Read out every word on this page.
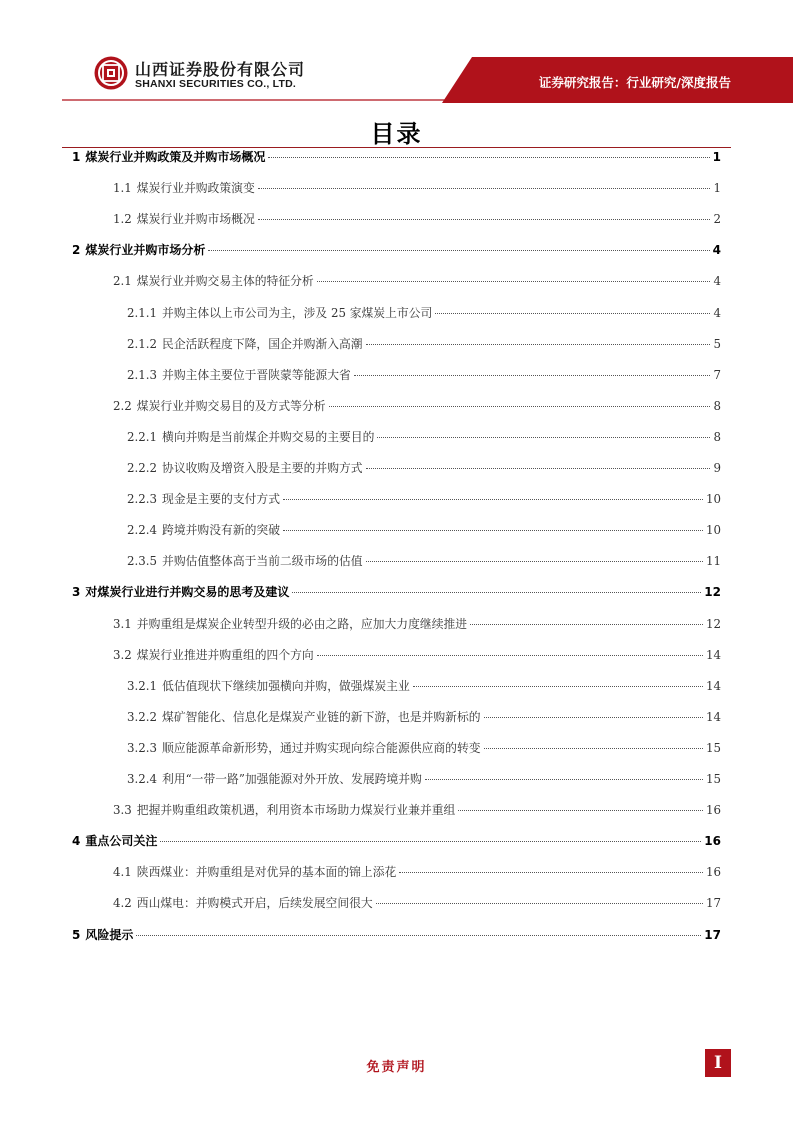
山西证券股份有限公司
SHANXI SECURITIES CO., LTD.	证券研究报告：行业研究/深度报告
目录
1 煤炭行业并购政策及并购市场概况	1
1.1 煤炭行业并购政策演变	1
1.2 煤炭行业并购市场概况	2
2 煤炭行业并购市场分析	4
2.1 煤炭行业并购交易主体的特征分析	4
2.1.1 并购主体以上市公司为主，涉及 25 家煤炭上市公司	4
2.1.2 民企活跃程度下降，国企并购渐入高潮	5
2.1.3 并购主体主要位于晋陕蒙等能源大省	7
2.2 煤炭行业并购交易目的及方式等分析	8
2.2.1 横向并购是当前煤企并购交易的主要目的	8
2.2.2 协议收购及增资入股是主要的并购方式	9
2.2.3 现金是主要的支付方式	10
2.2.4 跨境并购没有新的突破	10
2.3.5 并购估值整体高于当前二级市场的估值	11
3 对煤炭行业进行并购交易的思考及建议	12
3.1 并购重组是煤炭企业转型升级的必由之路，应加大力度继续推进	12
3.2 煤炭行业推进并购重组的四个方向	14
3.2.1 低估值现状下继续加强横向并购，做强煤炭主业	14
3.2.2 煤矿智能化、信息化是煤炭产业链的新下游，也是并购新标的	14
3.2.3 顺应能源革命新形势，通过并购实现向综合能源供应商的转变	15
3.2.4 利用“一带一路”加强能源对外开放、发展跨境并购	15
3.3 把握并购重组政策机遇，利用资本市场助力煤炭行业兼并重组	16
4 重点公司关注	16
4.1 陕西煤业：并购重组是对优异的基本面的锦上添花	16
4.2 西山煤电：并购模式开启，后续发展空间很大	17
5 风险提示	17
免责声明	I
